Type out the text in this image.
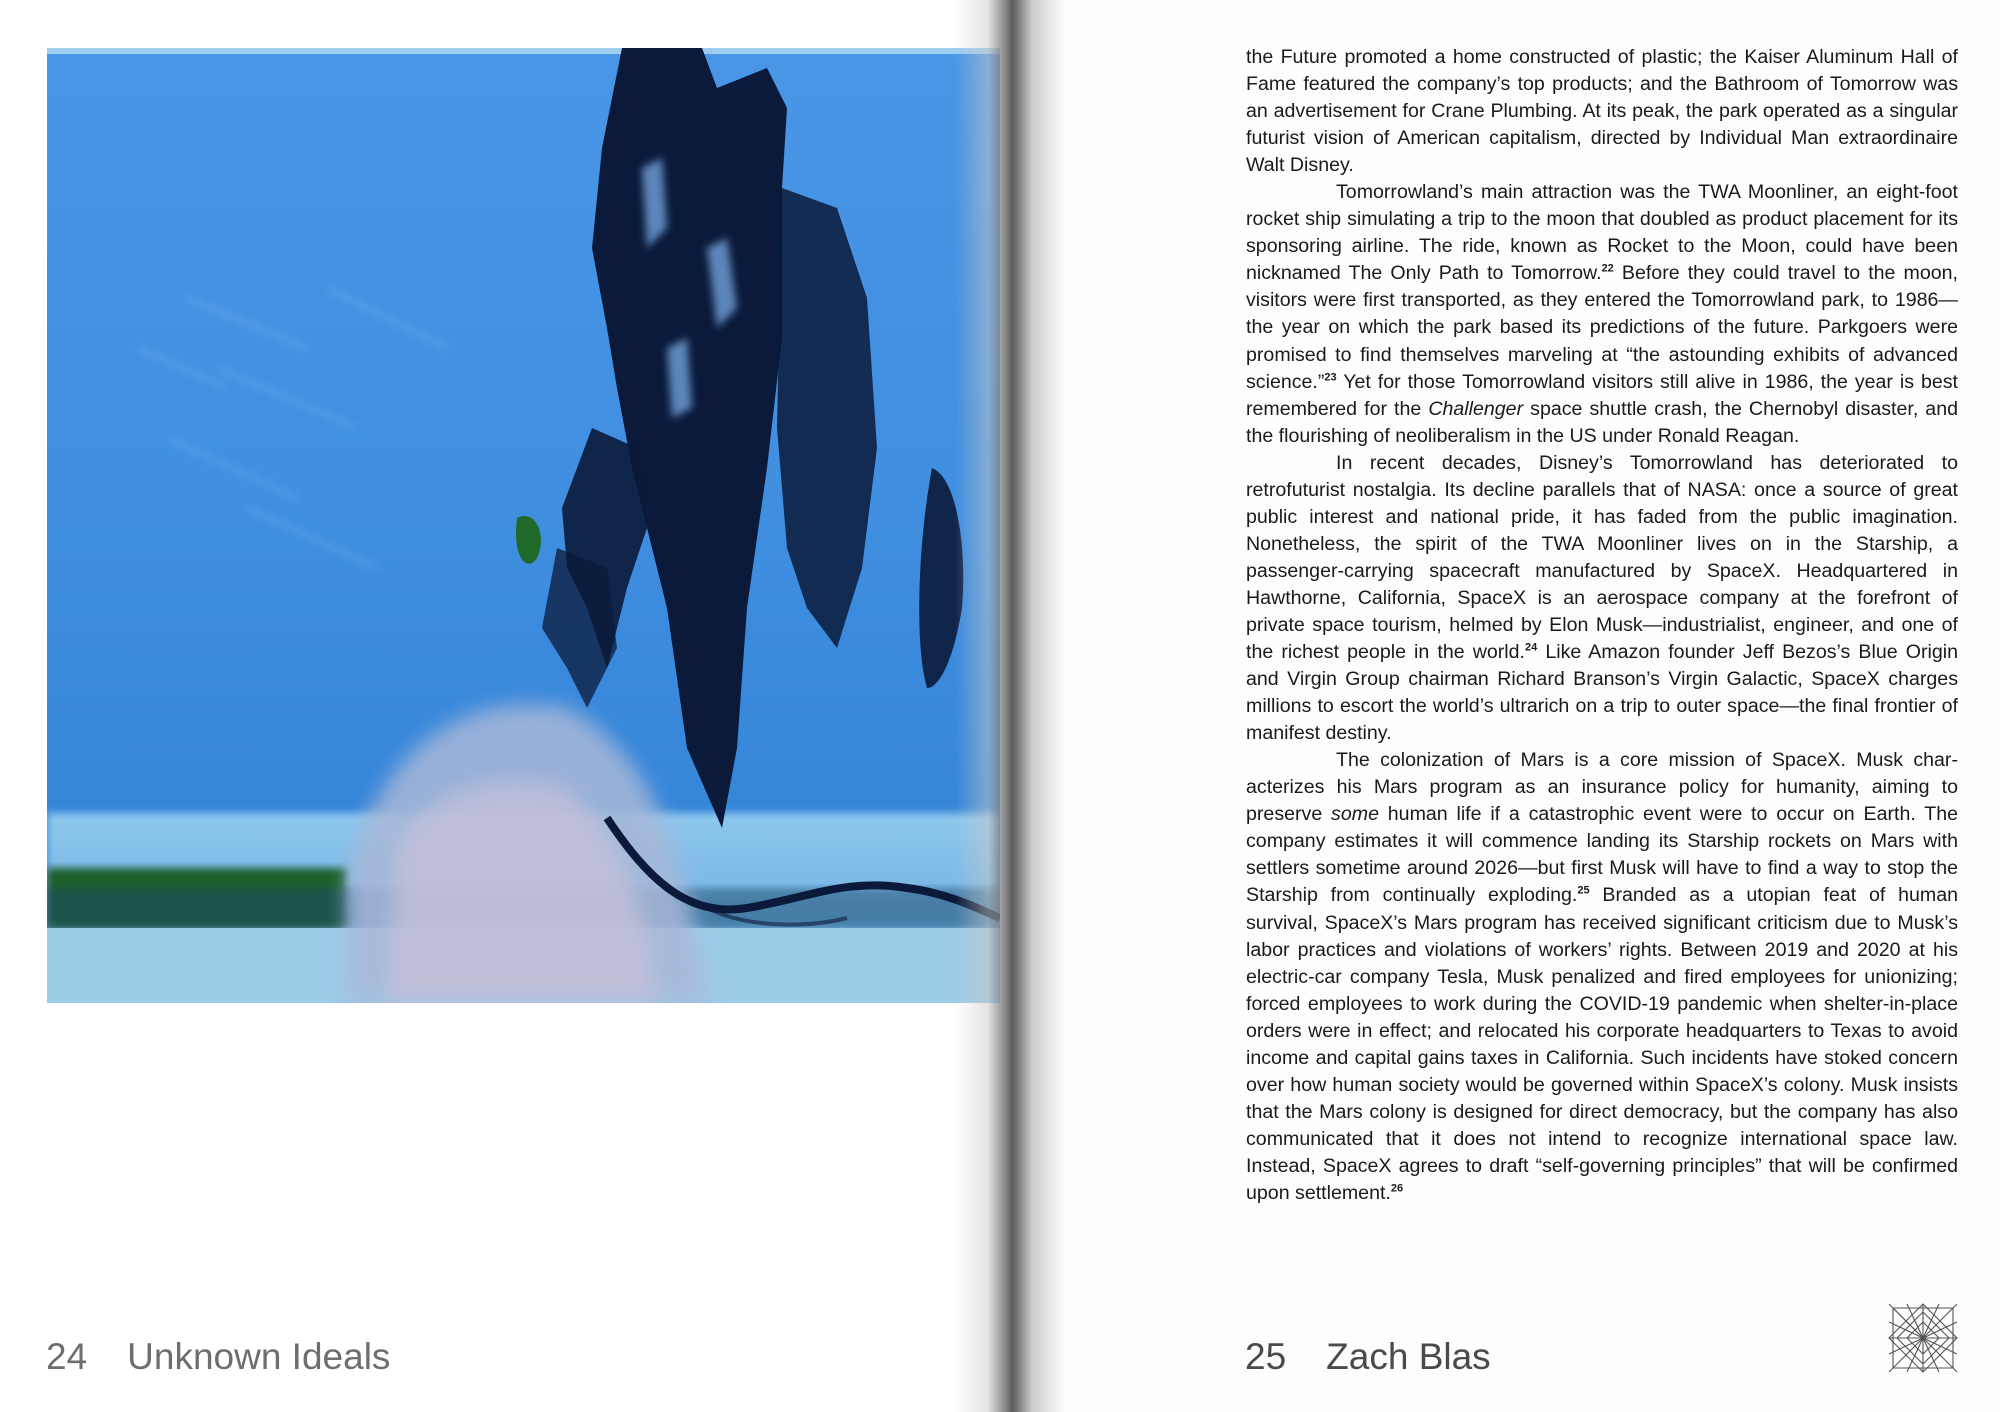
24 Unknown Ideals

the Future promoted a home constructed of plastic; the Kaiser Aluminum Hall of Fame featured the company’s top products; and the Bathroom of Tomorrow was an advertisement for Crane Plumbing. At its peak, the park operated as a singular futurist vision of American capitalism, directed by Individual Man extraordinaire Walt Disney.

Tomorrowland’s main attraction was the TWA Moonliner, an eight-foot rocket ship simulating a trip to the moon that doubled as product placement for its sponsoring airline. The ride, known as Rocket to the Moon, could have been nicknamed The Only Path to Tomorrow.$^{22}$ Before they could travel to the moon, visitors were first transported, as they entered the Tomorrowland park, to 1986—the year on which the park based its predictions of the future. Parkgoers were promised to find themselves marveling at “the astounding exhibits of advanced science.”$^{23}$ Yet for those Tomorrowland visitors still alive in 1986, the year is best remembered for the Challenger space shuttle crash, the Chernobyl disaster, and the flourishing of neoliberalism in the US under Ronald Reagan.

In recent decades, Disney’s Tomorrowland has deteriorated to retrofuturist nostalgia. Its decline parallels that of NASA: once a source of great public interest and national pride, it has faded from the public imagination. Nonetheless, the spirit of the TWA Moonliner lives on in the Starship, a passenger-carrying spacecraft manufactured by SpaceX. Headquartered in Hawthorne, California, SpaceX is an aerospace company at the forefront of private space tourism, helmed by Elon Musk—industrialist, engineer, and one of the richest people in the world.$^{24}$ Like Amazon founder Jeff Bezos’s Blue Origin and Virgin Group chairman Richard Branson’s Virgin Galactic, SpaceX charges millions to escort the world’s ultrarich on a trip to outer space—the final frontier of manifest destiny.

The colonization of Mars is a core mission of SpaceX. Musk characterizes his Mars program as an insurance policy for humanity, aiming to preserve some human life if a catastrophic event were to occur on Earth. The company estimates it will commence landing its Starship rockets on Mars with settlers sometime around 2026—but first Musk will have to find a way to stop the Starship from continually exploding.$^{25}$ Branded as a utopian feat of human survival, SpaceX’s Mars program has received significant criticism due to Musk’s labor practices and violations of workers’ rights. Between 2019 and 2020 at his electric-car company Tesla, Musk penalized and fired employees for unionizing; forced employees to work during the COVID-19 pandemic when shelter-in-place orders were in effect; and relocated his corporate headquarters to Texas to avoid income and capital gains taxes in California. Such incidents have stoked concern over how human society would be governed within SpaceX’s colony. Musk insists that the Mars colony is designed for direct democracy, but the company has also communicated that it does not intend to recognize international space law. Instead, SpaceX agrees to draft “self-governing principles” that will be confirmed upon settlement.$^{26}$

25 Zach Blas
